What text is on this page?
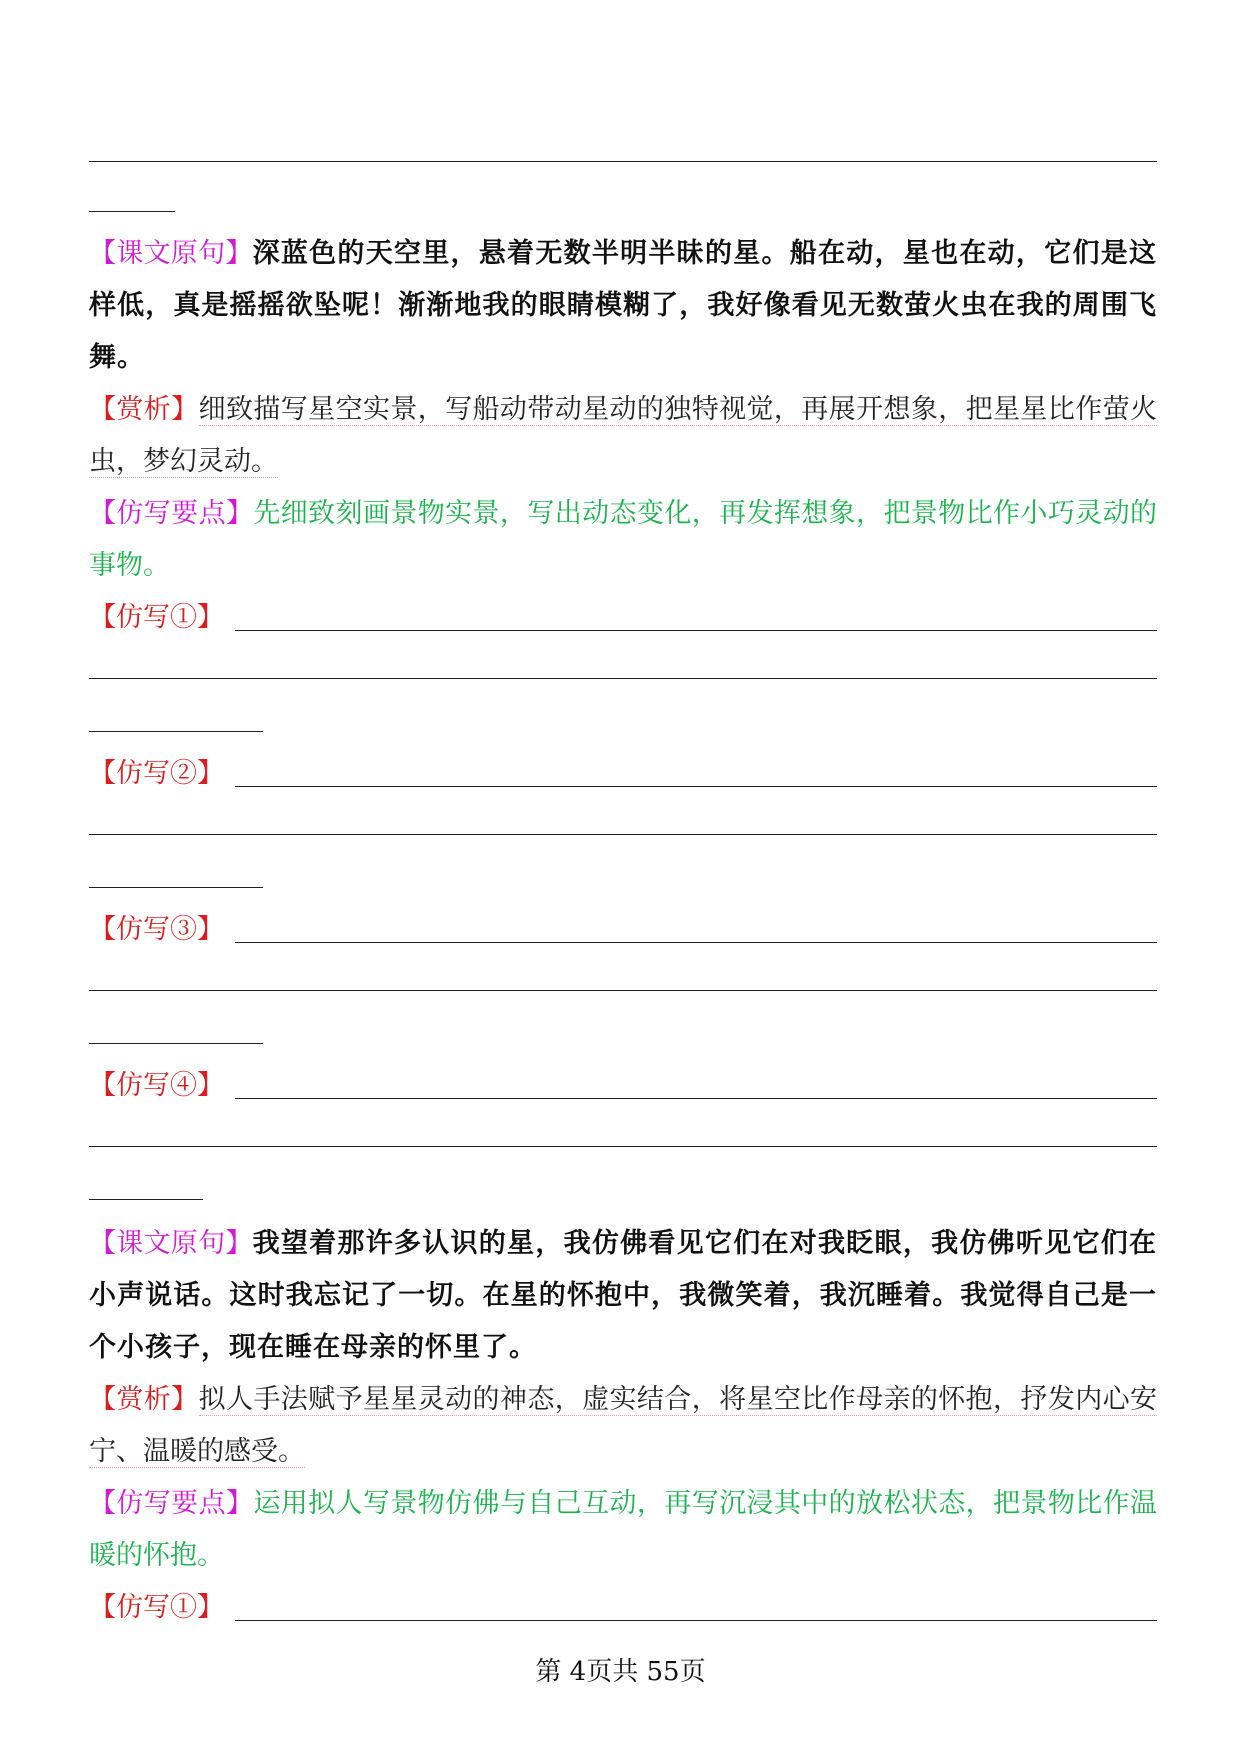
【课文原句】深蓝色的天空里，悬着无数半明半昧的星。船在动，星也在动，它们是这样低，真是摇摇欲坠呢！渐渐地我的眼睛模糊了，我好像看见无数萤火虫在我的周围飞舞。

【赏析】细致描写星空实景，写船动带动星动的独特视觉，再展开想象，把星星比作萤火虫，梦幻灵动。

【仿写要点】先细致刻画景物实景，写出动态变化，再发挥想象，把景物比作小巧灵动的事物。

【仿写①】
【仿写②】
【仿写③】
【仿写④】

【课文原句】我望着那许多认识的星，我仿佛看见它们在对我眨眼，我仿佛听见它们在小声说话。这时我忘记了一切。在星的怀抱中，我微笑着，我沉睡着。我觉得自己是一个小孩子，现在睡在母亲的怀里了。

【赏析】拟人手法赋予星星灵动的神态，虚实结合，将星空比作母亲的怀抱，抒发内心安宁、温暖的感受。

【仿写要点】运用拟人写景物仿佛与自己互动，再写沉浸其中的放松状态，把景物比作温暖的怀抱。

【仿写①】
第 4页共 55页
